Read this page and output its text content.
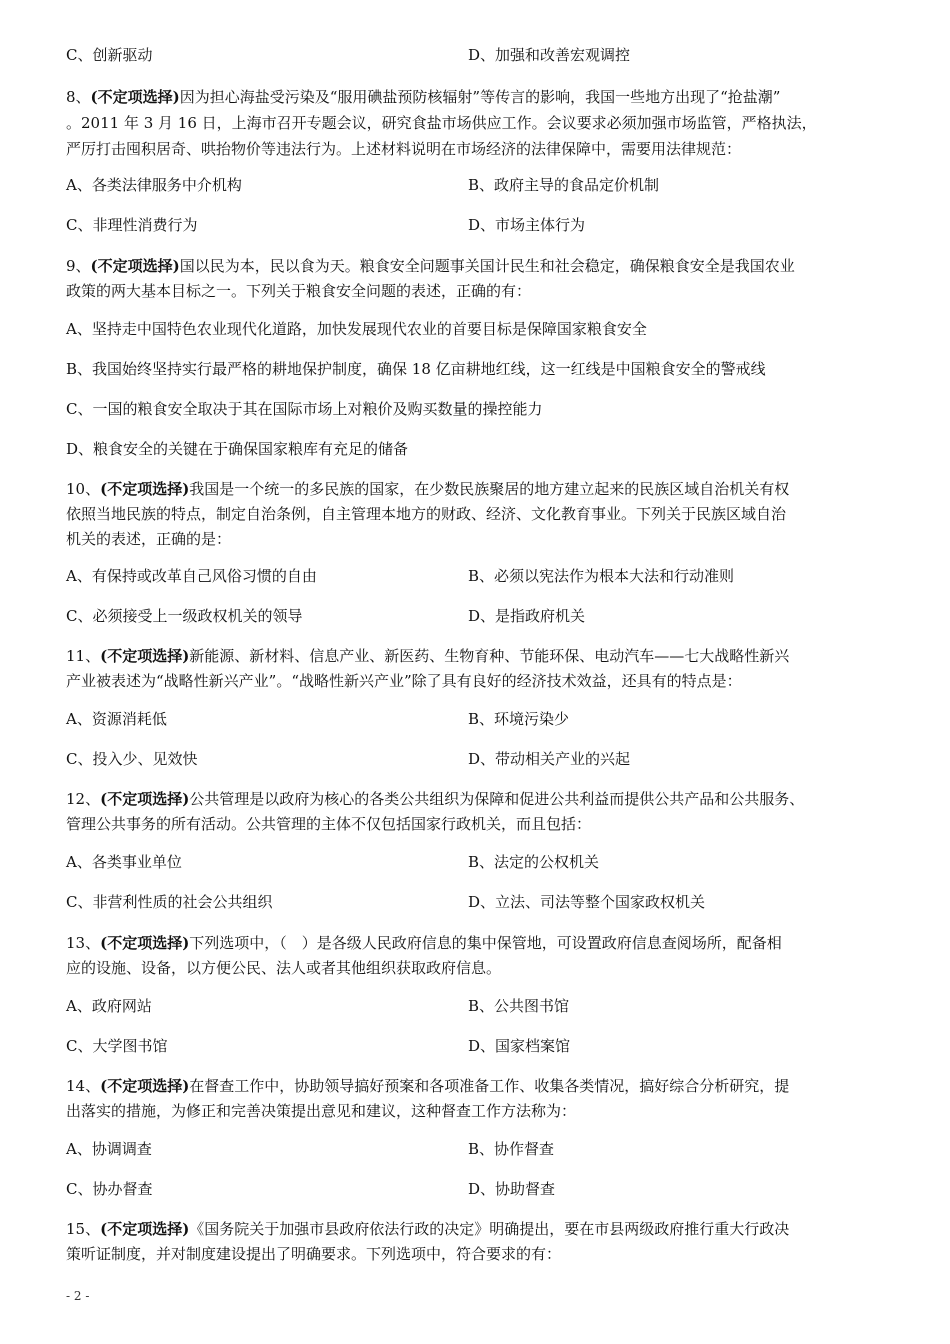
C、创新驱动	D、加强和改善宏观调控
8、(不定项选择)因为担心海盐受污染及“服用碘盐预防核辐射”等传言的影响，我国一些地方出现了“抢盐潮”
。2011 年 3 月 16 日，上海市召开专题会议，研究食盐市场供应工作。会议要求必须加强市场监管，严格执法，
严厉打击囤积居奇、哄抬物价等违法行为。上述材料说明在市场经济的法律保障中，需要用法律规范：
A、各类法律服务中介机构	B、政府主导的食品定价机制
C、非理性消费行为	D、市场主体行为
9、(不定项选择)国以民为本，民以食为天。粮食安全问题事关国计民生和社会稳定，确保粮食安全是我国农业
政策的两大基本目标之一。下列关于粮食安全问题的表述，正确的有：
A、坚持走中国特色农业现代化道路，加快发展现代农业的首要目标是保障国家粮食安全
B、我国始终坚持实行最严格的耕地保护制度，确保 18 亿亩耕地红线，这一红线是中国粮食安全的警戒线
C、一国的粮食安全取决于其在国际市场上对粮价及购买数量的操控能力
D、粮食安全的关键在于确保国家粮库有充足的储备
10、(不定项选择)我国是一个统一的多民族的国家，在少数民族聚居的地方建立起来的民族区域自治机关有权
依照当地民族的特点，制定自治条例，自主管理本地方的财政、经济、文化教育事业。下列关于民族区域自治
机关的表述，正确的是：
A、有保持或改革自己风俗习惯的自由	B、必须以宪法作为根本大法和行动准则
C、必须接受上一级政权机关的领导	D、是指政府机关
11、(不定项选择)新能源、新材料、信息产业、新医药、生物育种、节能环保、电动汽车——七大战略性新兴
产业被表述为“战略性新兴产业”。“战略性新兴产业”除了具有良好的经济技术效益，还具有的特点是：
A、资源消耗低	B、环境污染少
C、投入少、见效快	D、带动相关产业的兴起
12、(不定项选择)公共管理是以政府为核心的各类公共组织为保障和促进公共利益而提供公共产品和公共服务、
管理公共事务的所有活动。公共管理的主体不仅包括国家行政机关，而且包括：
A、各类事业单位	B、法定的公权机关
C、非营利性质的社会公共组织	D、立法、司法等整个国家政权机关
13、(不定项选择)下列选项中，（　）是各级人民政府信息的集中保管地，可设置政府信息查阅场所，配备相
应的设施、设备，以方便公民、法人或者其他组织获取政府信息。
A、政府网站	B、公共图书馆
C、大学图书馆	D、国家档案馆
14、(不定项选择)在督查工作中，协助领导搞好预案和各项准备工作、收集各类情况，搞好综合分析研究，提
出落实的措施，为修正和完善决策提出意见和建议，这种督查工作方法称为：
A、协调调查	B、协作督查
C、协办督查	D、协助督查
15、(不定项选择)《国务院关于加强市县政府依法行政的决定》明确提出，要在市县两级政府推行重大行政决
策听证制度，并对制度建设提出了明确要求。下列选项中，符合要求的有：
- 2 -
